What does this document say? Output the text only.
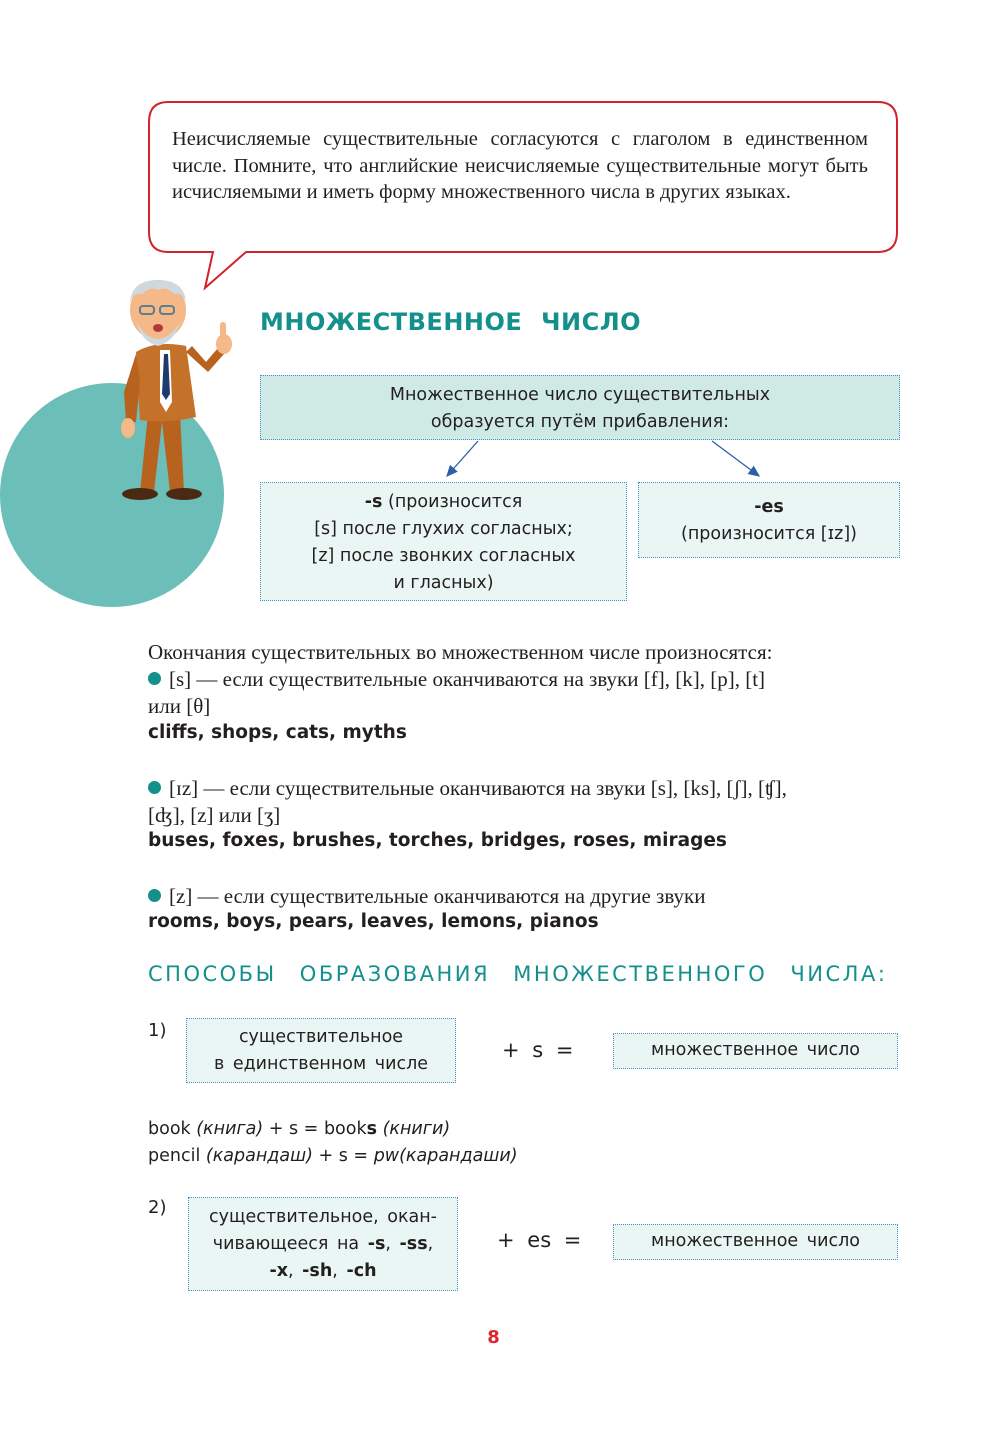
Неисчисляемые существительные согласуются с глаголом в единственном числе. Помните, что английские неисчисляемые существительные могут быть исчисляемыми и иметь форму множественного числа в других языках.
МНОЖЕСТВЕННОЕ ЧИСЛО
Множественное число существительных
образуется путём прибавления:
-s (произносится
[s] после глухих согласных;
[z] после звонких согласных
и гласных)
-es
(произносится [ɪz])
Окончания существительных во множественном числе произносятся:
[s] — если существительные оканчиваются на звуки [f], [k], [p], [t]
или [θ]
cliffs, shops, cats, myths
[ɪz] — если существительные оканчиваются на звуки [s], [ks], [ʃ], [ʧ],
[ʤ], [z] или [ʒ]
buses, foxes, brushes, torches, bridges, roses, mirages
[z] — если существительные оканчиваются на другие звуки
rooms, boys, pears, leaves, lemons, pianos
СПОСОБЫ ОБРАЗОВАНИЯ МНОЖЕСТВЕННОГО ЧИСЛА:
1)	существительное
в единственном числе
+ s =	множественное число
book (книга) + s = books (книги)
pencil (карандаш) + s = pw(карандаши)
2)	существительное, окан-
чивающееся на -s, -ss,
-x, -sh, -ch
+ es =	множественное число
8
